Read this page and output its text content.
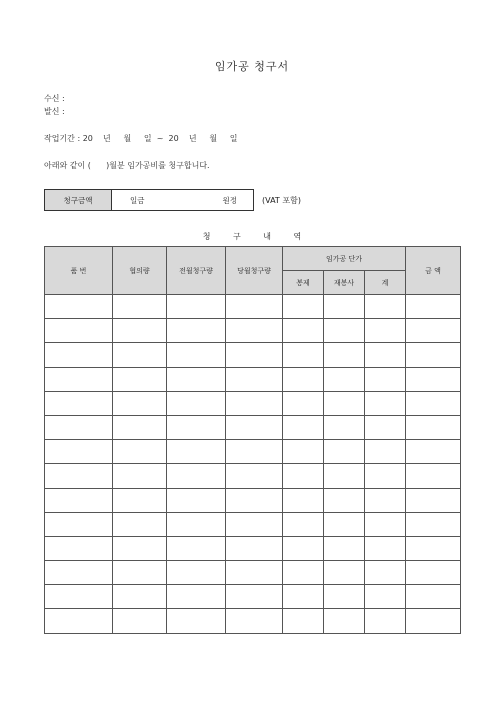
임가공 청구서
수신 :
발신 :
작업기간 : 20    년     월     일  ~  20    년     월     일
아래와 같이 (      )월분 임가공비를 청구합니다.
청구금액	일금	원정	(VAT 포함)
청 구 내 역
품 번	협의량	전월청구량	당월청구량	임가공 단가			금 액
				봉제	재봉사	계	
